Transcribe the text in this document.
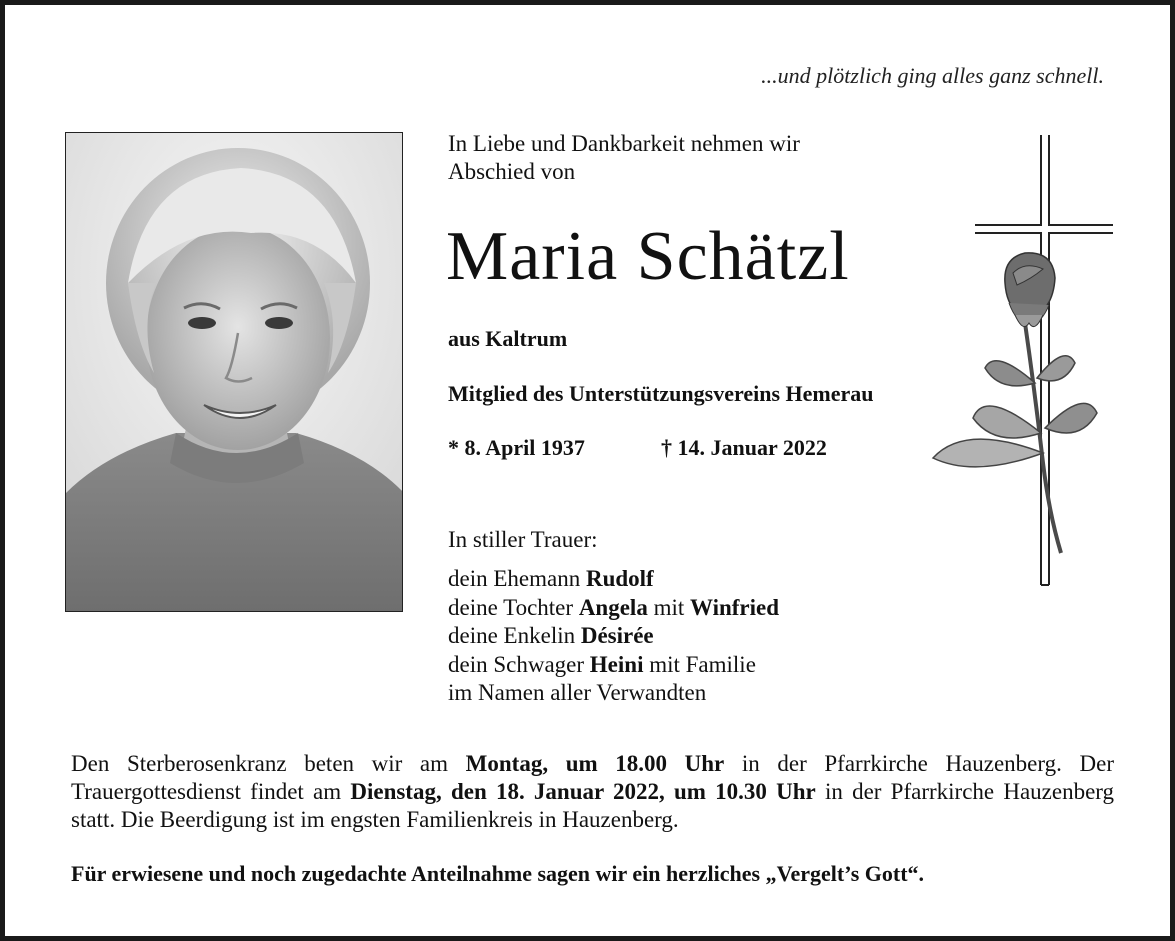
...und plötzlich ging alles ganz schnell.
In Liebe und Dankbarkeit nehmen wir
Abschied von
Maria Schätzl
aus Kaltrum
Mitglied des Unterstützungsvereins Hemerau
* 8. April 1937	† 14. Januar 2022
In stiller Trauer:
dein Ehemann Rudolf
deine Tochter Angela mit Winfried
deine Enkelin Désirée
dein Schwager Heini mit Familie
im Namen aller Verwandten
Den Sterberosenkranz beten wir am Montag, um 18.00 Uhr in der Pfarrkirche Hauzenberg. Der Trauergottesdienst findet am Dienstag, den 18. Januar 2022, um 10.30 Uhr in der Pfarrkirche Hauzenberg statt. Die Beerdigung ist im engsten Familienkreis in Hauzenberg.
Für erwiesene und noch zugedachte Anteilnahme sagen wir ein herzliches „Vergelt’s Gott“.
